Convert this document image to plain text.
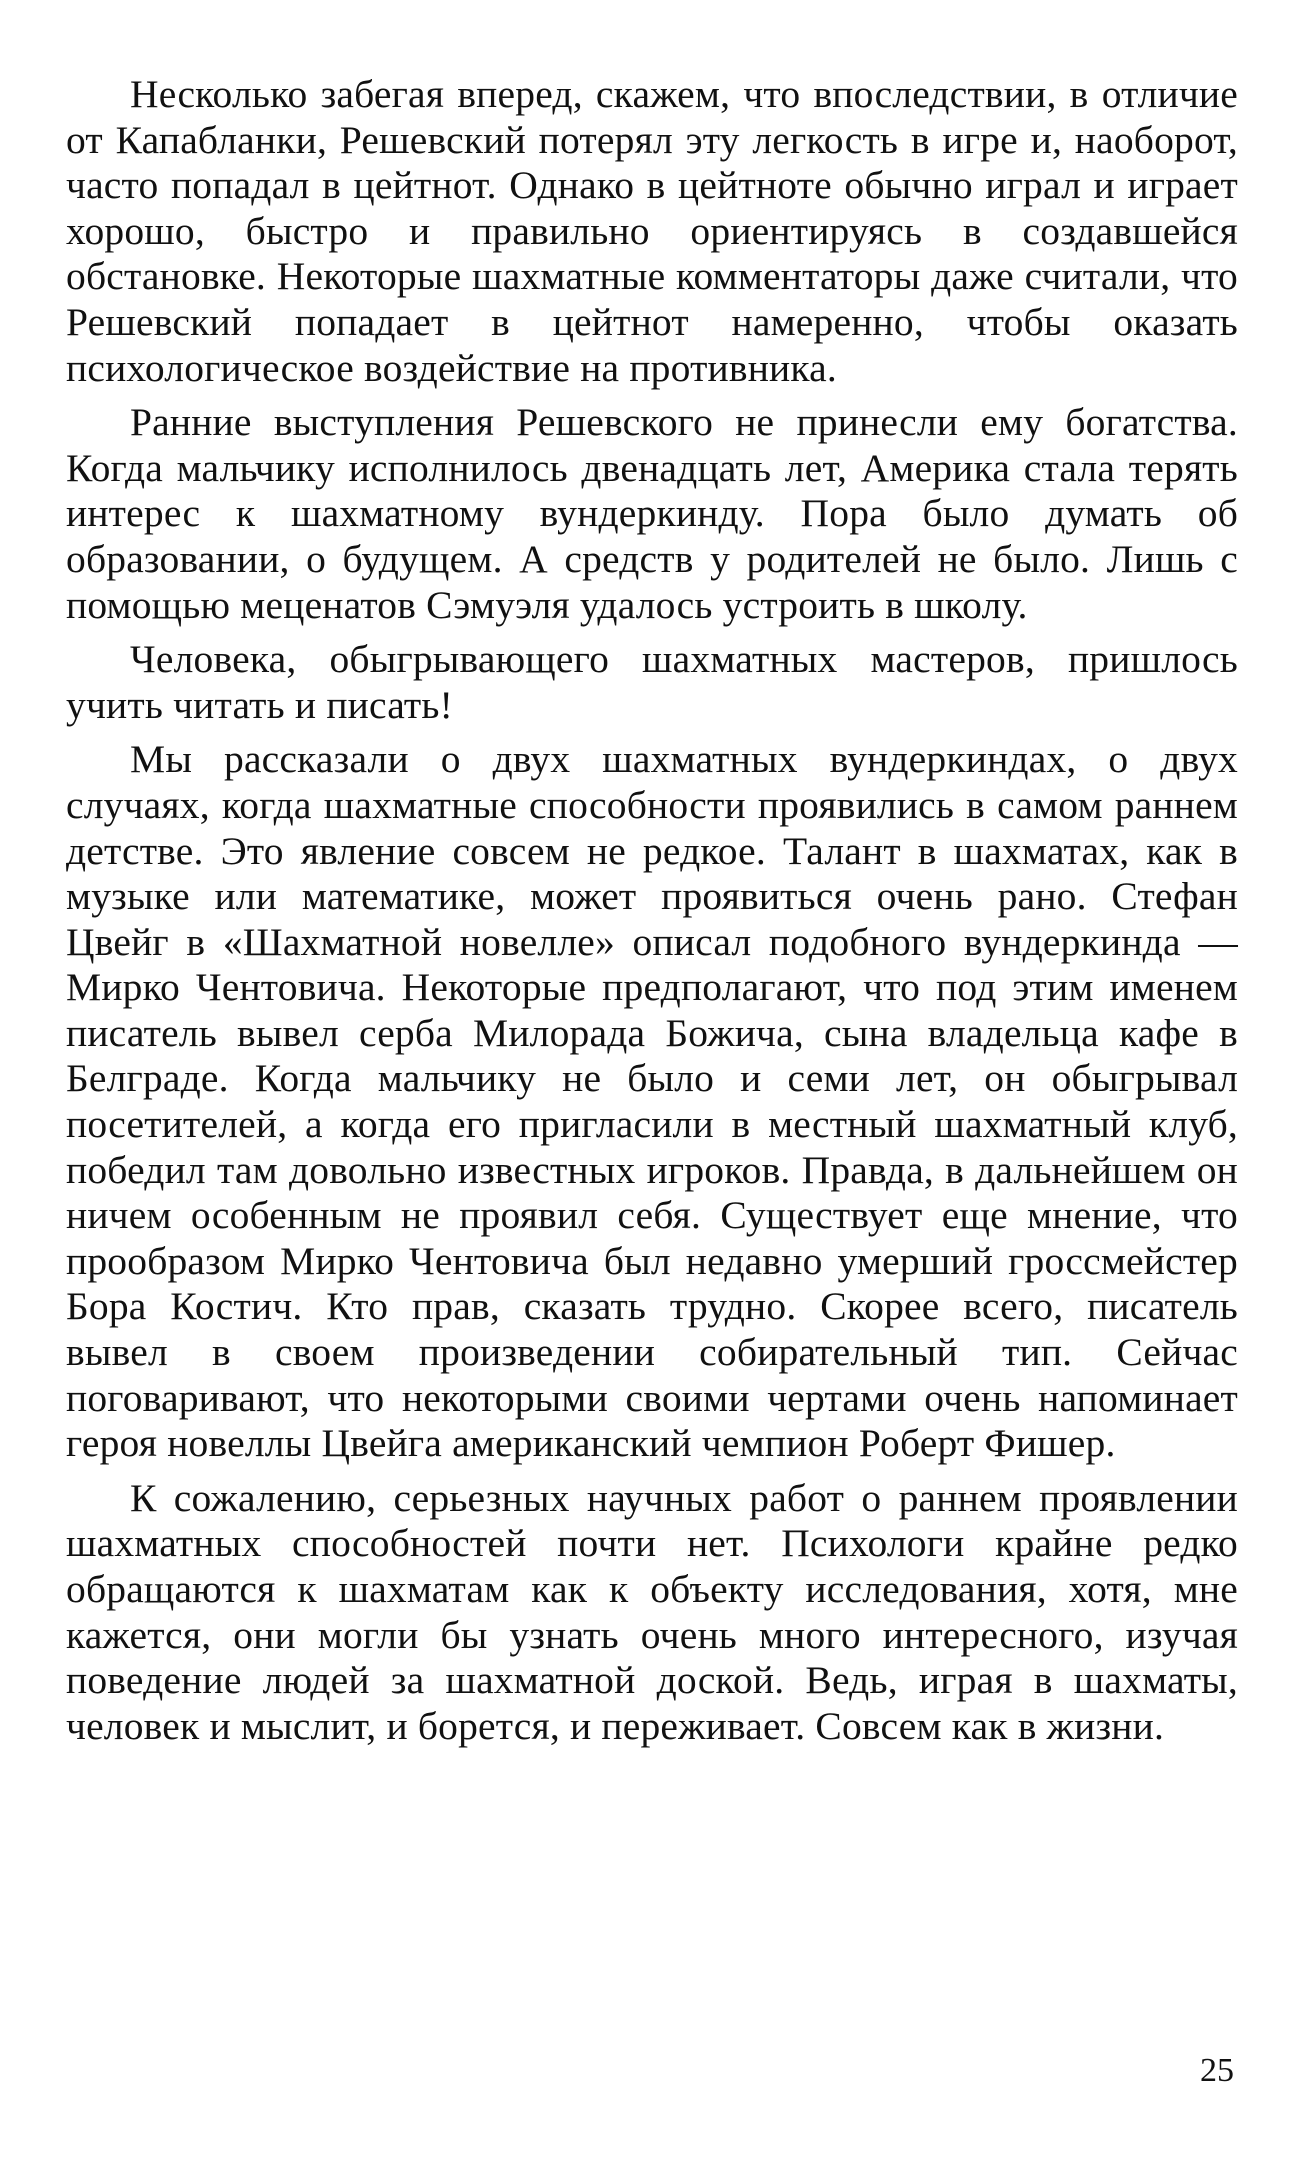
Несколько забегая вперед, скажем, что впоследствии, в отличие от Капабланки, Решевский потерял эту легкость в игре и, наоборот, часто попадал в цейтнот. Однако в цейтноте обычно играл и играет хорошо, быстро и правильно ориентируясь в создавшейся обстановке. Некоторые шахматные комментаторы даже считали, что Решевский попадает в цейтнот намеренно, чтобы оказать психологическое воздействие на противника.

Ранние выступления Решевского не принесли ему богатства. Когда мальчику исполнилось двенадцать лет, Америка стала терять интерес к шахматному вундеркинду. Пора было думать об образовании, о будущем. А средств у родителей не было. Лишь с помощью меценатов Сэмуэля удалось устроить в школу.

Человека, обыгрывающего шахматных мастеров, пришлось учить читать и писать!

Мы рассказали о двух шахматных вундеркиндах, о двух случаях, когда шахматные способности проявились в самом раннем детстве. Это явление совсем не редкое. Талант в шахматах, как в музыке или математике, может проявиться очень рано. Стефан Цвейг в «Шахматной новелле» описал подобного вундеркинда — Мирко Чентовича. Некоторые предполагают, что под этим именем писатель вывел серба Милорада Божича, сына владельца кафе в Белграде. Когда мальчику не было и семи лет, он обыгрывал посетителей, а когда его пригласили в местный шахматный клуб, победил там довольно известных игроков. Правда, в дальнейшем он ничем особенным не проявил себя. Существует еще мнение, что прообразом Мирко Чентовича был недавно умерший гроссмейстер Бора Костич. Кто прав, сказать трудно. Скорее всего, писатель вывел в своем произведении собирательный тип. Сейчас поговаривают, что некоторыми своими чертами очень напоминает героя новеллы Цвейга американский чемпион Роберт Фишер.

К сожалению, серьезных научных работ о раннем проявлении шахматных способностей почти нет. Психологи крайне редко обращаются к шахматам как к объекту исследования, хотя, мне кажется, они могли бы узнать очень много интересного, изучая поведение людей за шахматной доской. Ведь, играя в шахматы, человек и мыслит, и борется, и переживает. Совсем как в жизни.

25
